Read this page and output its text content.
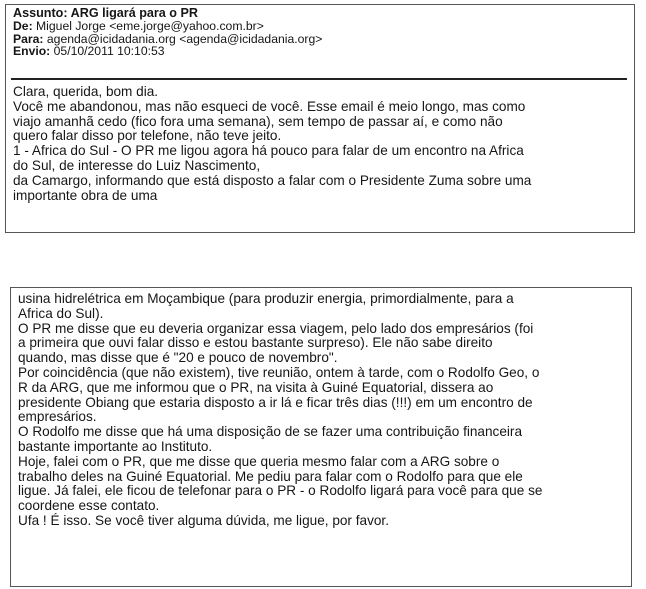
Assunto: ARG ligará para o PR
De: Miguel Jorge <eme.jorge@yahoo.com.br>
Para: agenda@icidadania.org <agenda@icidadania.org>
Envio: 05/10/2011 10:10:53
Clara, querida, bom dia.
Você me abandonou, mas não esqueci de você. Esse email é meio longo, mas como
viajo amanhã cedo (fico fora uma semana), sem tempo de passar aí, e como não
quero falar disso por telefone, não teve jeito.
1 - Africa do Sul - O PR me ligou agora há pouco para falar de um encontro na Africa
do Sul, de interesse do Luiz Nascimento,
da Camargo, informando que está disposto a falar com o Presidente Zuma sobre uma
importante obra de uma
usina hidrelétrica em Moçambique (para produzir energia, primordialmente, para a
Africa do Sul).
O PR me disse que eu deveria organizar essa viagem, pelo lado dos empresários (foi
a primeira que ouvi falar disso e estou bastante surpreso). Ele não sabe direito
quando, mas disse que é "20 e pouco de novembro".
Por coincidência (que não existem), tive reunião, ontem à tarde, com o Rodolfo Geo, o
R da ARG, que me informou que o PR, na visita à Guiné Equatorial, dissera ao
presidente Obiang que estaria disposto a ir lá e ficar três dias (!!!) em um encontro de
empresários.
O Rodolfo me disse que há uma disposição de se fazer uma contribuição financeira
bastante importante ao Instituto.
Hoje, falei com o PR, que me disse que queria mesmo falar com a ARG sobre o
trabalho deles na Guiné Equatorial. Me pediu para falar com o Rodolfo para que ele
ligue. Já falei, ele ficou de telefonar para o PR - o Rodolfo ligará para você para que se
coordene esse contato.
Ufa ! É isso. Se você tiver alguma dúvida, me ligue, por favor.
